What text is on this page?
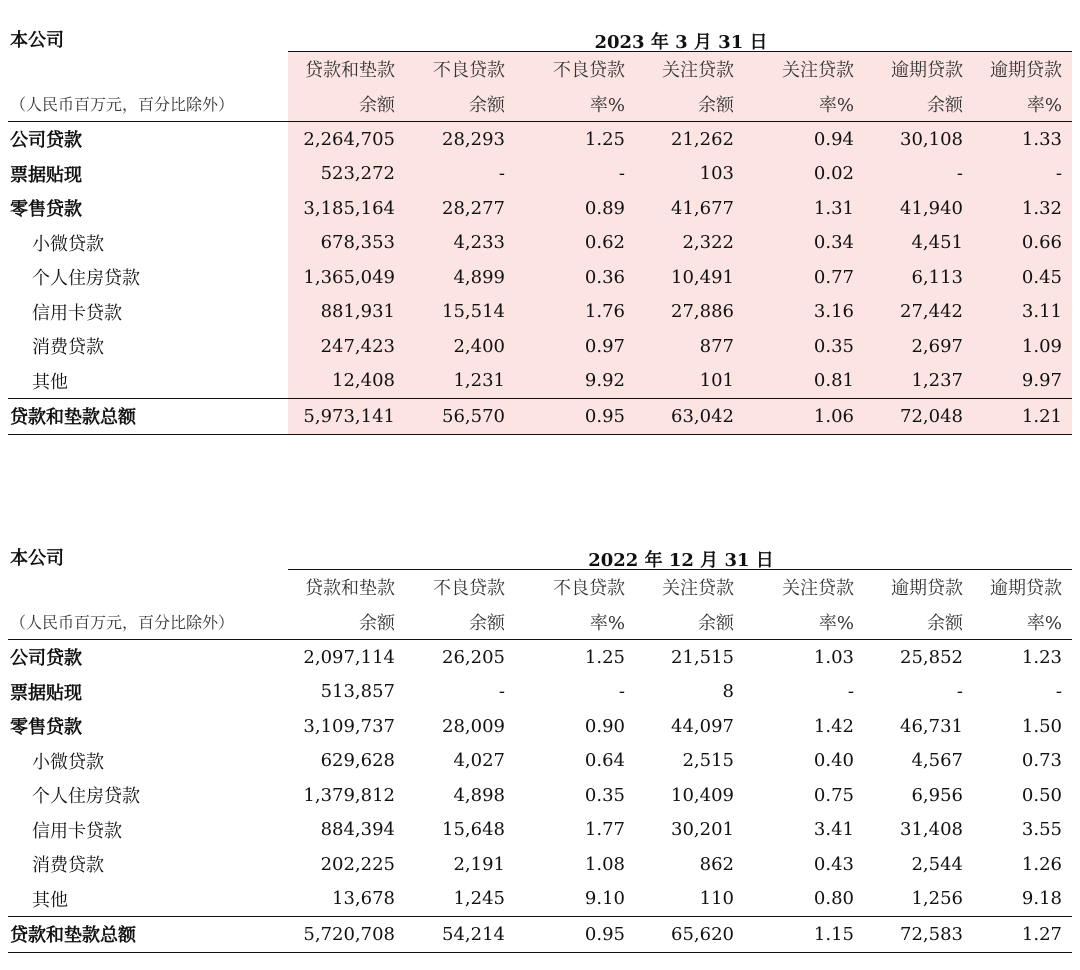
本公司	2023 年 3 月 31 日
	贷款和垫款	不良贷款	不良贷款	关注贷款	关注贷款	逾期贷款	逾期贷款
（人民币百万元，百分比除外）	余额	余额	率%	余额	率%	余额	率%
公司贷款	2,264,705	28,293	1.25	21,262	0.94	30,108	1.33
票据贴现	523,272	-	-	103	0.02	-	-
零售贷款	3,185,164	28,277	0.89	41,677	1.31	41,940	1.32
小微贷款	678,353	4,233	0.62	2,322	0.34	4,451	0.66
个人住房贷款	1,365,049	4,899	0.36	10,491	0.77	6,113	0.45
信用卡贷款	881,931	15,514	1.76	27,886	3.16	27,442	3.11
消费贷款	247,423	2,400	0.97	877	0.35	2,697	1.09
其他	12,408	1,231	9.92	101	0.81	1,237	9.97
贷款和垫款总额	5,973,141	56,570	0.95	63,042	1.06	72,048	1.21
本公司	2022 年 12 月 31 日
	贷款和垫款	不良贷款	不良贷款	关注贷款	关注贷款	逾期贷款	逾期贷款
（人民币百万元，百分比除外）	余额	余额	率%	余额	率%	余额	率%
公司贷款	2,097,114	26,205	1.25	21,515	1.03	25,852	1.23
票据贴现	513,857	-	-	8	-	-	-
零售贷款	3,109,737	28,009	0.90	44,097	1.42	46,731	1.50
小微贷款	629,628	4,027	0.64	2,515	0.40	4,567	0.73
个人住房贷款	1,379,812	4,898	0.35	10,409	0.75	6,956	0.50
信用卡贷款	884,394	15,648	1.77	30,201	3.41	31,408	3.55
消费贷款	202,225	2,191	1.08	862	0.43	2,544	1.26
其他	13,678	1,245	9.10	110	0.80	1,256	9.18
贷款和垫款总额	5,720,708	54,214	0.95	65,620	1.15	72,583	1.27
